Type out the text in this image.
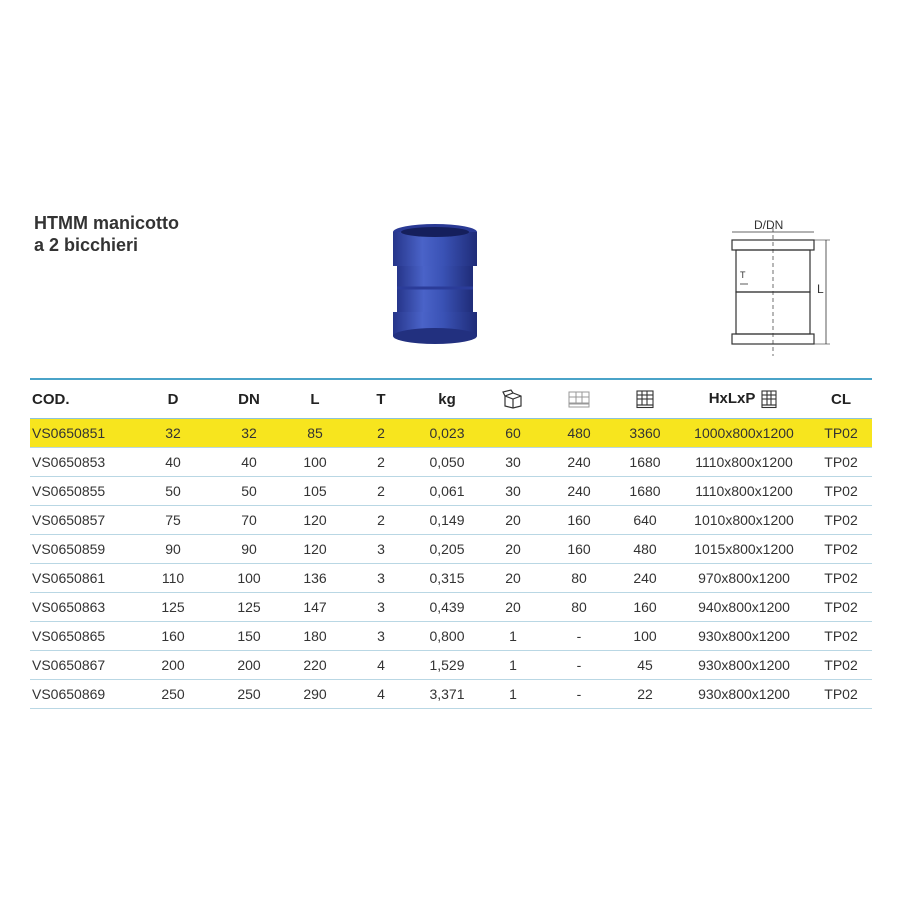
HTMM manicotto
a 2 bicchieri
D/DN
L
T
COD.	D	DN	L	T	kg				HxLxP	CL
VS0650851	32	32	85	2	0,023	60	480	3360	1000x800x1200	TP02
VS0650853	40	40	100	2	0,050	30	240	1680	1110x800x1200	TP02
VS0650855	50	50	105	2	0,061	30	240	1680	1110x800x1200	TP02
VS0650857	75	70	120	2	0,149	20	160	640	1010x800x1200	TP02
VS0650859	90	90	120	3	0,205	20	160	480	1015x800x1200	TP02
VS0650861	110	100	136	3	0,315	20	80	240	970x800x1200	TP02
VS0650863	125	125	147	3	0,439	20	80	160	940x800x1200	TP02
VS0650865	160	150	180	3	0,800	1	-	100	930x800x1200	TP02
VS0650867	200	200	220	4	1,529	1	-	45	930x800x1200	TP02
VS0650869	250	250	290	4	3,371	1	-	22	930x800x1200	TP02
